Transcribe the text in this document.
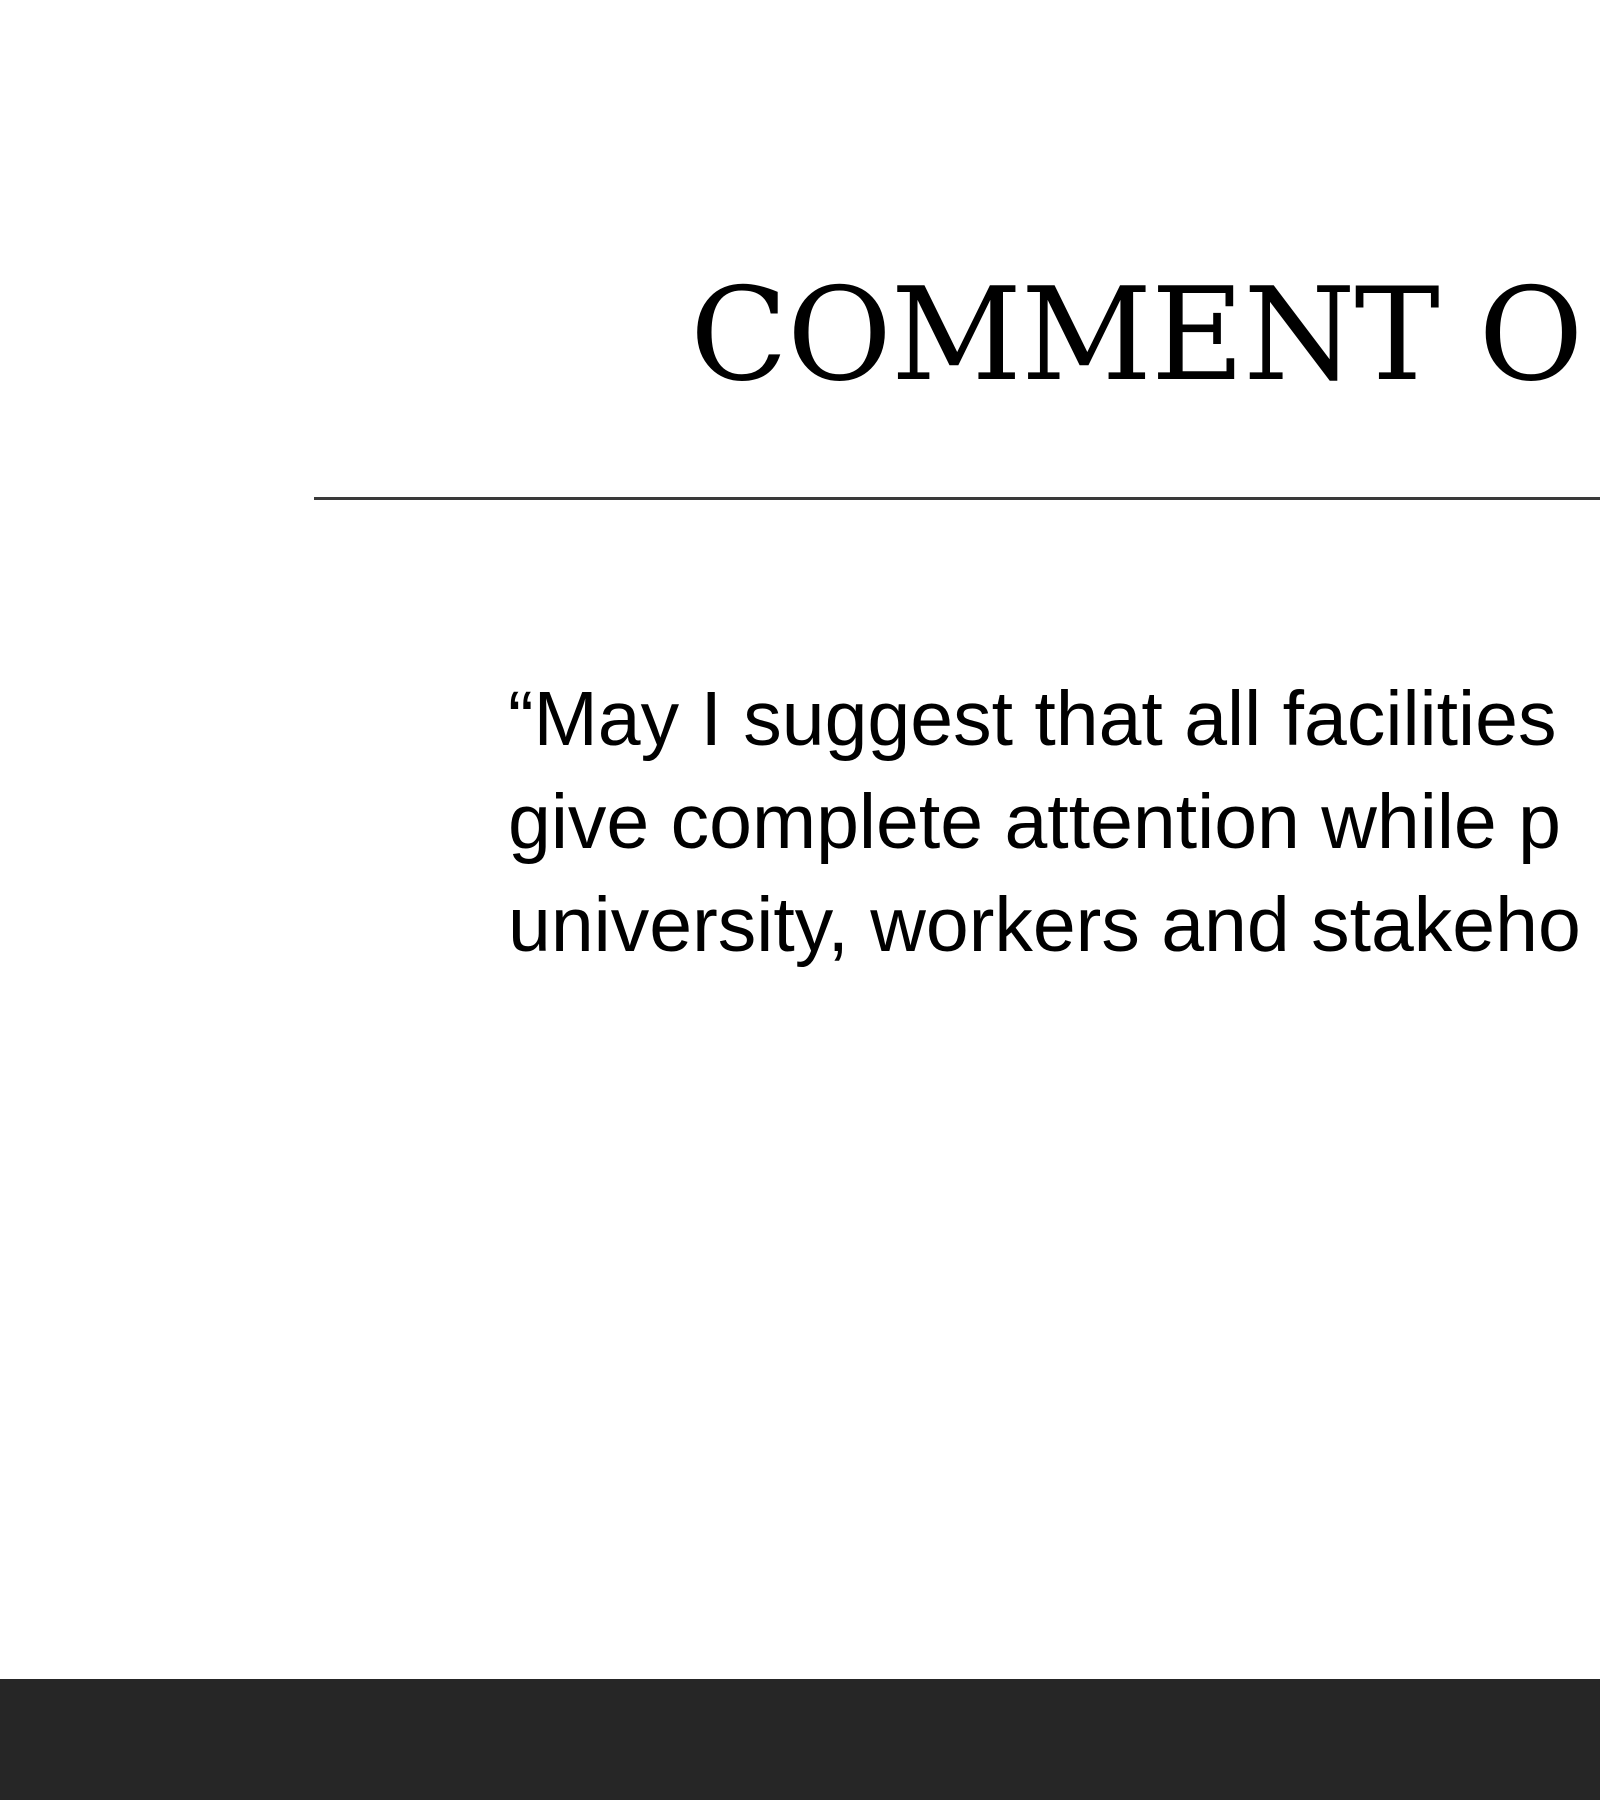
COMMENT O

“May I suggest that all facilities
give complete attention while p
university, workers and stakeho
